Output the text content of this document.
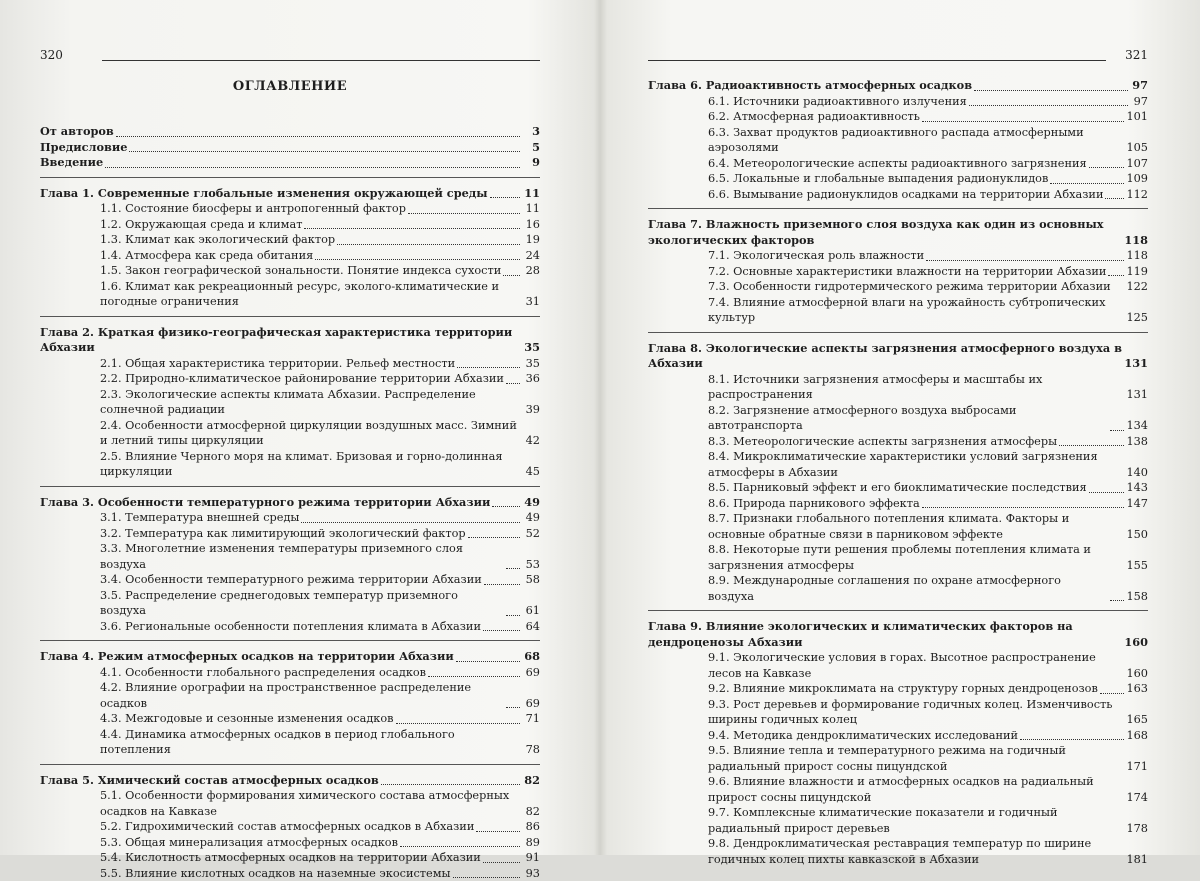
320
ОГЛАВЛЕНИЕ
От авторов	3
Предисловие	5
Введение	9
Глава 1. Современные глобальные изменения окружающей среды	11
1.1. Состояние биосферы и антропогенный фактор	11
1.2. Окружающая среда и климат	16
1.3. Климат как экологический фактор	19
1.4. Атмосфера как среда обитания	24
1.5. Закон географической зональности. Понятие индекса сухости	28
1.6. Климат как рекреационный ресурс, эколого-климатические и погодные ограничения	31
Глава 2. Краткая физико-географическая характеристика территории Абхазии	35
2.1. Общая характеристика территории. Рельеф местности	35
2.2. Природно-климатическое районирование территории Абхазии	36
2.3. Экологические аспекты климата Абхазии. Распределение солнечной радиации	39
2.4. Особенности атмосферной циркуляции воздушных масс. Зимний и летний типы циркуляции	42
2.5. Влияние Черного моря на климат. Бризовая и горно-долинная циркуляции	45
Глава 3. Особенности температурного режима территории Абхазии	49
3.1. Температура внешней среды	49
3.2. Температура как лимитирующий экологический фактор	52
3.3. Многолетние изменения температуры приземного слоя воздуха	53
3.4. Особенности температурного режима территории Абхазии	58
3.5. Распределение среднегодовых температур приземного воздуха	61
3.6. Региональные особенности потепления климата в Абхазии	64
Глава 4. Режим атмосферных осадков на территории Абхазии	68
4.1. Особенности глобального распределения осадков	69
4.2. Влияние орографии на пространственное распределение осадков	69
4.3. Межгодовые и сезонные изменения осадков	71
4.4. Динамика атмосферных осадков в период глобального потепления	78
Глава 5. Химический состав атмосферных осадков	82
5.1. Особенности формирования химического состава атмосферных осадков на Кавказе	82
5.2. Гидрохимический состав атмосферных осадков в Абхазии	86
5.3. Общая минерализация атмосферных осадков	89
5.4. Кислотность атмосферных осадков на территории Абхазии	91
5.5. Влияние кислотных осадков на наземные экосистемы	93
321
Глава 6. Радиоактивность атмосферных осадков	97
6.1. Источники радиоактивного излучения	97
6.2. Атмосферная радиоактивность	101
6.3. Захват продуктов радиоактивного распада атмосферными аэрозолями	105
6.4. Метеорологические аспекты радиоактивного загрязнения	107
6.5. Локальные и глобальные выпадения радионуклидов	109
6.6. Вымывание радионуклидов осадками на территории Абхазии 112
Глава 7. Влажность приземного слоя воздуха как один из основных экологических факторов	118
7.1. Экологическая роль влажности	118
7.2. Основные характеристики влажности на территории Абхазии 119
7.3. Особенности гидротермического режима территории Абхазии	122
7.4. Влияние атмосферной влаги на урожайность субтропических культур	125
Глава 8. Экологические аспекты загрязнения атмосферного воздуха в Абхазии	131
8.1. Источники загрязнения атмосферы и масштабы их распространения	131
8.2. Загрязнение атмосферного воздуха выбросами автотранспорта	134
8.3. Метеорологические аспекты загрязнения атмосферы	138
8.4. Микроклиматические характеристики условий загрязнения атмосферы в Абхазии	140
8.5. Парниковый эффект и его биоклиматические последствия	143
8.6. Природа парникового эффекта	147
8.7. Признаки глобального потепления климата. Факторы и основные обратные связи в парниковом эффекте	150
8.8. Некоторые пути решения проблемы потепления климата и загрязнения атмосферы	155
8.9. Международные соглашения по охране атмосферного воздуха	158
Глава 9. Влияние экологических и климатических факторов на дендроценозы Абхазии	160
9.1. Экологические условия в горах. Высотное распространение лесов на Кавказе	160
9.2. Влияние микроклимата на структуру горных дендроценозов	163
9.3. Рост деревьев и формирование годичных колец. Изменчивость ширины годичных колец	165
9.4. Методика дендроклиматических исследований	168
9.5. Влияние тепла и температурного режима на годичный радиальный прирост сосны пицундской	171
9.6. Влияние влажности и атмосферных осадков на радиальный прирост сосны пицундской	174
9.7. Комплексные климатические показатели и годичный радиальный прирост деревьев	178
9.8. Дендроклиматическая реставрация температур по ширине годичных колец пихты кавказской в Абхазии	181
